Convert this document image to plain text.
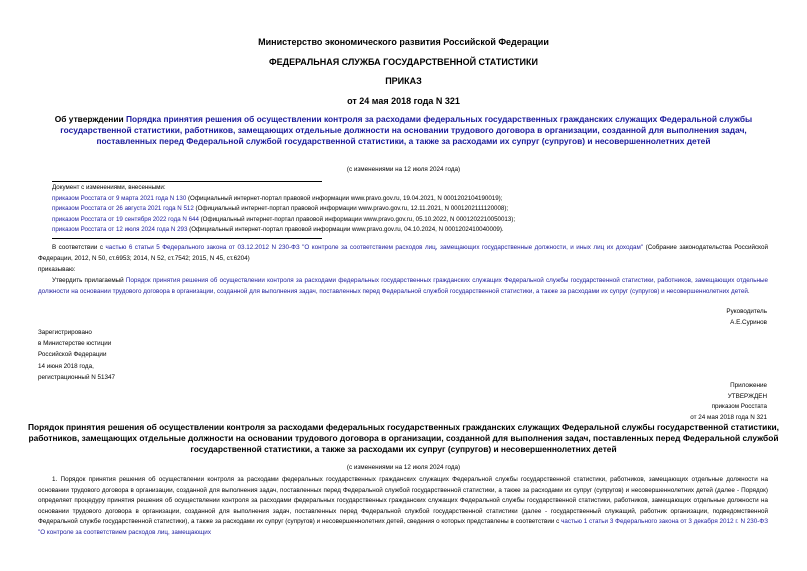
Министерство экономического развития Российской Федерации
ФЕДЕРАЛЬНАЯ СЛУЖБА ГОСУДАРСТВЕННОЙ СТАТИСТИКИ
ПРИКАЗ
от 24 мая 2018 года N 321
Об утверждении Порядка принятия решения об осуществлении контроля за расходами федеральных государственных гражданских служащих Федеральной службы государственной статистики, работников, замещающих отдельные должности на основании трудового договора в организации, созданной для выполнения задач, поставленных перед Федеральной службой государственной статистики, а также за расходами их супруг (супругов) и несовершеннолетних детей
(с изменениями на 12 июля 2024 года)
Документ с изменениями, внесенными:
приказом Росстата от 9 марта 2021 года N 130 (Официальный интернет-портал правовой информации www.pravo.gov.ru, 19.04.2021, N 0001202104190019);
приказом Росстата от 26 августа 2021 года N 512 (Официальный интернет-портал правовой информации www.pravo.gov.ru, 12.11.2021, N 0001202111120008);
приказом Росстата от 19 сентября 2022 года N 644 (Официальный интернет-портал правовой информации www.pravo.gov.ru, 05.10.2022, N 0001202210050013);
приказом Росстата от 12 июля 2024 года N 293 (Официальный интернет-портал правовой информации www.pravo.gov.ru, 04.10.2024, N 0001202410040009).
В соответствии с частью 6 статьи 5 Федерального закона от 03.12.2012 N 230-ФЗ "О контроле за соответствием расходов лиц, замещающих государственные должности, и иных лиц их доходам" (Собрание законодательства Российской Федерации, 2012, N 50, ст.6953; 2014, N 52, ст.7542; 2015, N 45, ст.6204)
приказываю:
Утвердить прилагаемый Порядок принятия решения об осуществлении контроля за расходами федеральных государственных гражданских служащих Федеральной службы государственной статистики, работников, замещающих отдельные должности на основании трудового договора в организации, созданной для выполнения задач, поставленных перед Федеральной службой государственной статистики, а также за расходами их супруг (супругов) и несовершеннолетних детей.
Руководитель
А.Е.Суринов
Зарегистрировано
в Министерстве юстиции
Российской Федерации
14 июня 2018 года,
регистрационный N 51347
Приложение
УТВЕРЖДЕН
приказом Росстата
от 24 мая 2018 года N 321
Порядок принятия решения об осуществлении контроля за расходами федеральных государственных гражданских служащих Федеральной службы государственной статистики, работников, замещающих отдельные должности на основании трудового договора в организации, созданной для выполнения задач, поставленных перед Федеральной службой государственной статистики, а также за расходами их супруг (супругов) и несовершеннолетних детей
(с изменениями на 12 июля 2024 года)
1. Порядок принятия решения об осуществлении контроля за расходами федеральных государственных гражданских служащих Федеральной службы государственной статистики, работников, замещающих отдельные должности на основании трудового договора в организации, созданной для выполнения задач, поставленных перед Федеральной службой государственной статистики, а также за расходами их супруг (супругов) и несовершеннолетних детей (далее - Порядок) определяет процедуру принятия решения об осуществлении контроля за расходами федеральных государственных гражданских служащих Федеральной службы государственной статистики, работников, замещающих отдельные должности на основании трудового договора в организации, созданной для выполнения задач, поставленных перед Федеральной службой государственной статистики (далее - государственный служащий, работник организации, подведомственной Федеральной службе государственной статистики), а также за расходами их супруг (супругов) и несовершеннолетних детей, сведения о которых представлены в соответствии с частью 1 статьи 3 Федерального закона от 3 декабря 2012 г. N 230-ФЗ "О контроле за соответствием расходов лиц, замещающих
